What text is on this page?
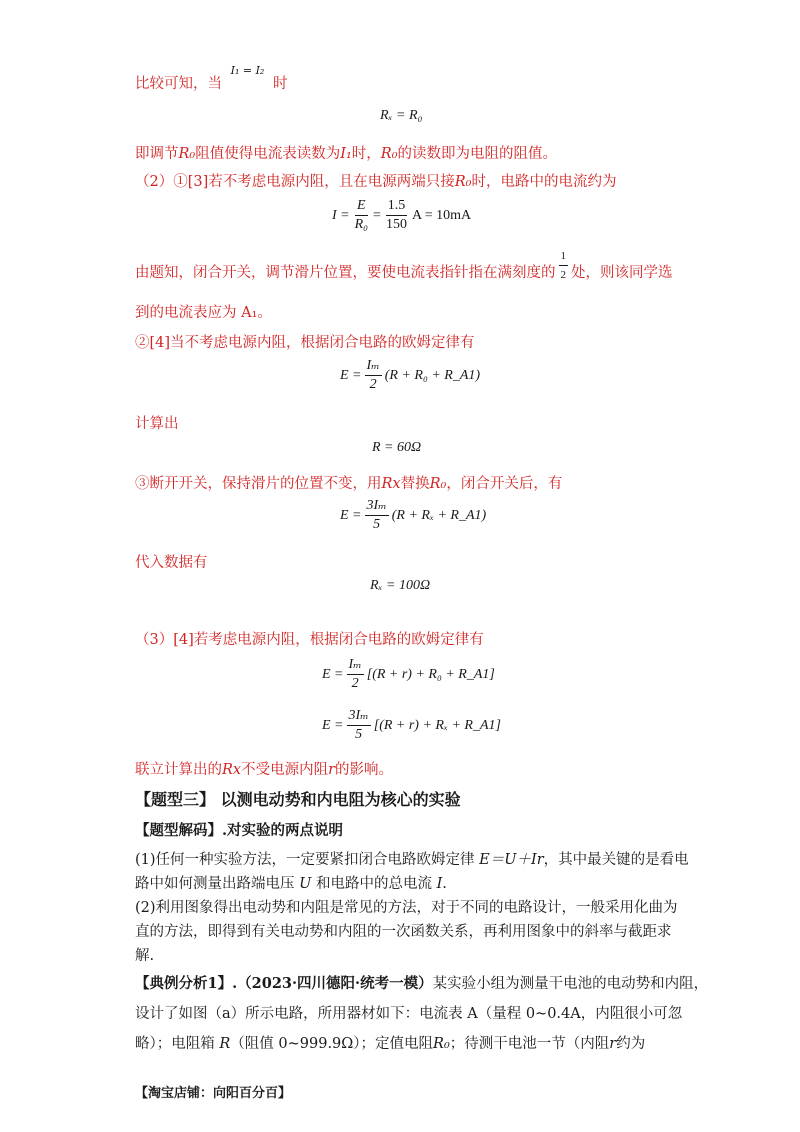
比较可知，当 $^{I_1 = I_2}$ 时
Rₓ = R₀
即调节R₀阻值使得电流表读数为I₁时，R₀的读数即为电阻的阻值。
（2）①[3]若不考虑电源内阻，且在电源两端只接R₀时，电路中的电流约为
$I = \frac{E}{\text{R₀}} = \frac{1.5}{150}$ A = 10mA
由题知，闭合开关，调节滑片位置，要使电流表指针指在满刻度的 $\frac{1}{2}$ 处，则该同学选
到的电流表应为 A₁。
②[4]当不考虑电源内阻，根据闭合电路的欧姆定律有
$E = \frac{\text{Iₘ}}{2} (R + R_0$ + R_A1)
计算出
R = 60Ω
③断开开关，保持滑片的位置不变，用Rx替换R₀，闭合开关后，有
$E = \frac{\text{3Iₘ}}{5} (R + R_x$ + R_A1)
代入数据有
Rₓ = 100Ω
（3）[4]若考虑电源内阻，根据闭合电路的欧姆定律有
$E = \frac{\text{Iₘ}}{2} [(R + r) + R_0$ + R_A1]
$E = \frac{\text{3Iₘ}}{5} [(R + r) + R_x$ + R_A1]
联立计算出的Rx不受电源内阻r的影响。
【题型三】 以测电动势和内电阻为核心的实验
【题型解码】.对实验的两点说明
(1)任何一种实验方法，一定要紧扣闭合电路欧姆定律 E＝U＋Ir，其中最关键的是看电
路中如何测量出路端电压 U 和电路中的总电流 I.
(2)利用图象得出电动势和内阻是常见的方法，对于不同的电路设计，一般采用化曲为
直的方法，即得到有关电动势和内阻的一次函数关系，再利用图象中的斜率与截距求
解.
【典例分析1】.（2023·四川德阳·统考一模）某实验小组为测量干电池的电动势和内阻，
设计了如图（a）所示电路，所用器材如下：电流表 A（量程 0~0.4A，内阻很小可忽
略）；电阻箱 R（阻值 0~999.9Ω）；定值电阻R₀；待测干电池一节（内阻r约为
【淘宝店铺：向阳百分百】
